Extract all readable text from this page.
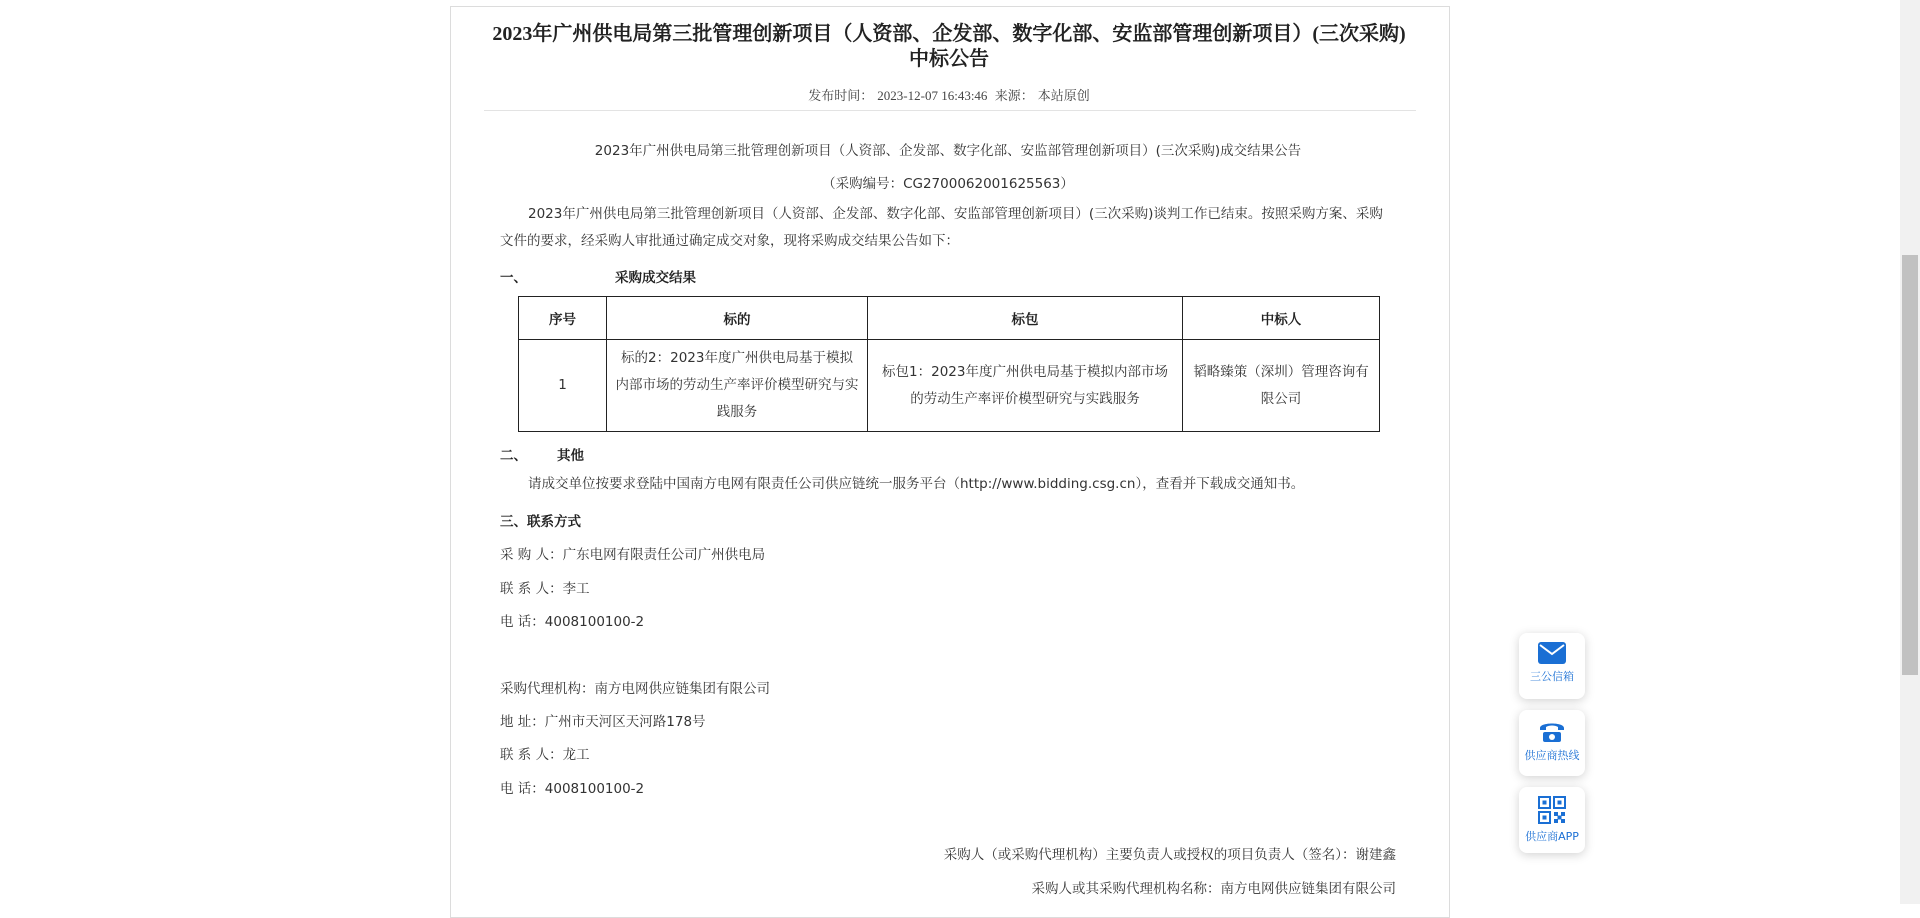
2023年广州供电局第三批管理创新项目（人资部、企发部、数字化部、安监部管理创新项目）(三次采购)中标公告
发布时间： 2023-12-07 16:43:46 来源： 本站原创
2023年广州供电局第三批管理创新项目（人资部、企发部、数字化部、安监部管理创新项目）(三次采购)成交结果公告
（采购编号：CG2700062001625563）
2023年广州供电局第三批管理创新项目（人资部、企发部、数字化部、安监部管理创新项目）(三次采购)谈判工作已结束。按照采购方案、采购文件的要求，经采购人审批通过确定成交对象，现将采购成交结果公告如下：
一、	采购成交结果
序号	标的	标包	中标人
1	标的2：2023年度广州供电局基于模拟内部市场的劳动生产率评价模型研究与实践服务	标包1：2023年度广州供电局基于模拟内部市场的劳动生产率评价模型研究与实践服务	韬略臻策（深圳）管理咨询有限公司
二、 其他
请成交单位按要求登陆中国南方电网有限责任公司供应链统一服务平台（http://www.bidding.csg.cn），查看并下载成交通知书。
三、联系方式
采 购 人：广东电网有限责任公司广州供电局
联 系 人：李工
电 话：4008100100-2
采购代理机构：南方电网供应链集团有限公司
地 址：广州市天河区天河路178号
联 系 人：龙工
电 话：4008100100-2
采购人（或采购代理机构）主要负责人或授权的项目负责人（签名）：谢建鑫
采购人或其采购代理机构名称：南方电网供应链集团有限公司
三公信箱
供应商热线
供应商APP
